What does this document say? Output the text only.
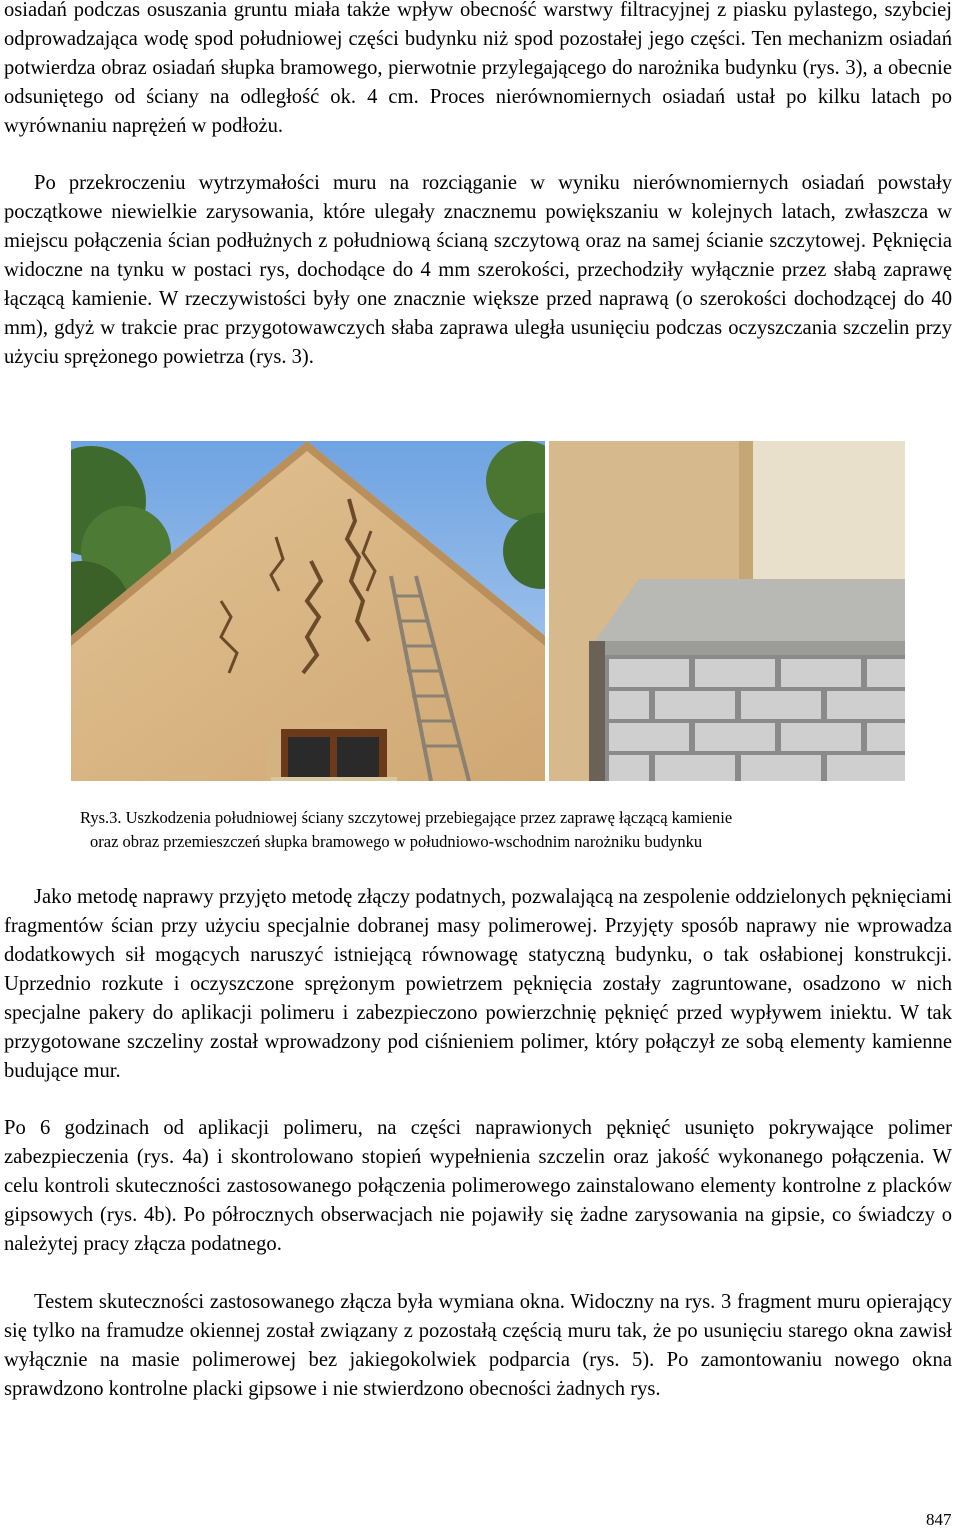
osiadań podczas osuszania gruntu miała także wpływ obecność warstwy filtracyjnej z piasku pylastego, szybciej odprowadzająca wodę spod południowej części budynku niż spod pozostałej jego części. Ten mechanizm osiadań potwierdza obraz osiadań słupka bramowego, pierwotnie przylegającego do narożnika budynku (rys. 3), a obecnie odsuniętego od ściany na odległość ok. 4 cm. Proces nierównomiernych osiadań ustał po kilku latach po wyrównaniu naprężeń w podłożu.

Po przekroczeniu wytrzymałości muru na rozciąganie w wyniku nierównomiernych osiadań powstały początkowe niewielkie zarysowania, które ulegały znacznemu powiększaniu w kolejnych latach, zwłaszcza w miejscu połączenia ścian podłużnych z południową ścianą szczytową oraz na samej ścianie szczytowej. Pęknięcia widoczne na tynku w postaci rys, dochodące do 4 mm szerokości, przechodziły wyłącznie przez słabą zaprawę łączącą kamienie. W rzeczywistości były one znacznie większe przed naprawą (o szerokości dochodzącej do 40 mm), gdyż w trakcie prac przygotowawczych słaba zaprawa uległa usunięciu podczas oczyszczania szczelin przy użyciu sprężonego powietrza (rys. 3).

Rys.3. Uszkodzenia południowej ściany szczytowej przebiegające przez zaprawę łączącą kamienie
oraz obraz przemieszczeń słupka bramowego w południowo-wschodnim narożniku budynku

Jako metodę naprawy przyjęto metodę złączy podatnych, pozwalającą na zespolenie oddzielonych pęknięciami fragmentów ścian przy użyciu specjalnie dobranej masy polimerowej. Przyjęty sposób naprawy nie wprowadza dodatkowych sił mogących naruszyć istniejącą równowagę statyczną budynku, o tak osłabionej konstrukcji. Uprzednio rozkute i oczyszczone sprężonym powietrzem pęknięcia zostały zagruntowane, osadzono w nich specjalne pakery do aplikacji polimeru i zabezpieczono powierzchnię pęknięć przed wypływem iniektu. W tak przygotowane szczeliny został wprowadzony pod ciśnieniem polimer, który połączył ze sobą elementy kamienne budujące mur.

Po 6 godzinach od aplikacji polimeru, na części naprawionych pęknięć usunięto pokrywające polimer zabezpieczenia (rys. 4a) i skontrolowano stopień wypełnienia szczelin oraz jakość wykonanego połączenia. W celu kontroli skuteczności zastosowanego połączenia polimerowego zainstalowano elementy kontrolne z placków gipsowych (rys. 4b). Po półrocznych obserwacjach nie pojawiły się żadne zarysowania na gipsie, co świadczy o należytej pracy złącza podatnego.

Testem skuteczności zastosowanego złącza była wymiana okna. Widoczny na rys. 3 fragment muru opierający się tylko na framudze okiennej został związany z pozostałą częścią muru tak, że po usunięciu starego okna zawisł wyłącznie na masie polimerowej bez jakiegokolwiek podparcia (rys. 5). Po zamontowaniu nowego okna sprawdzono kontrolne placki gipsowe i nie stwierdzono obecności żadnych rys.

847
